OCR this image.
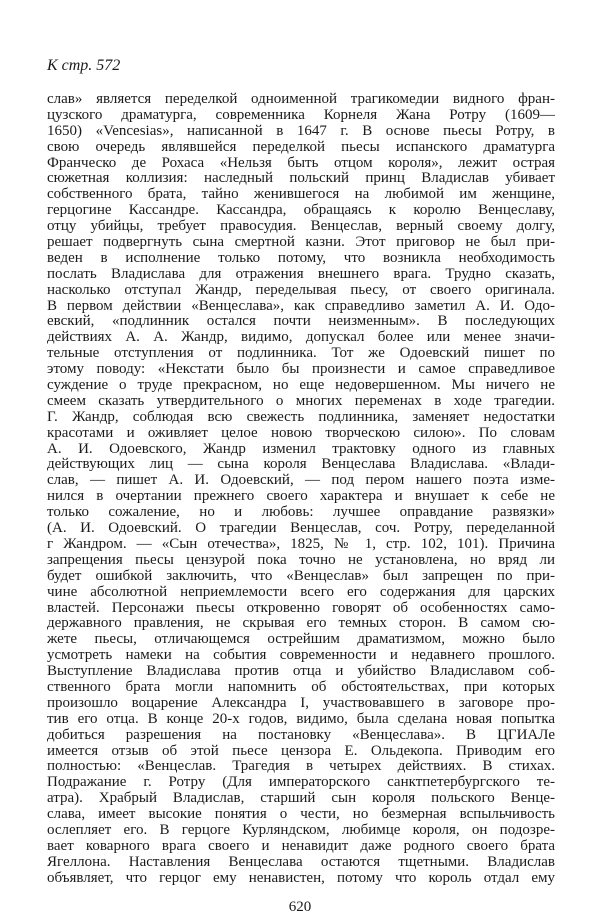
К стр. 572
слав» является переделкой одноименной трагикомедии видного фран-
цузского драматурга, современника Корнеля Жана Ротру (1609—
1650) «Vencesias», написанной в 1647 г. В основе пьесы Ротру, в
свою очередь являвшейся переделкой пьесы испанского драматурга
Франческо де Рохаса «Нельзя быть отцом короля», лежит острая
сюжетная коллизия: наследный польский принц Владислав убивает
собственного брата, тайно женившегося на любимой им женщине,
герцогине Кассандре. Кассандра, обращаясь к королю Венцеславу,
отцу убийцы, требует правосудия. Венцеслав, верный своему долгу,
решает подвергнуть сына смертной казни. Этот приговор не был при-
веден в исполнение только потому, что возникла необходимость
послать Владислава для отражения внешнего врага. Трудно сказать,
насколько отступал Жандр, переделывая пьесу, от своего оригинала.
В первом действии «Венцеслава», как справедливо заметил А. И. Одо-
евский, «подлинник остался почти неизменным». В последующих
действиях А. А. Жандр, видимо, допускал более или менее значи-
тельные отступления от подлинника. Тот же Одоевский пишет по
этому поводу: «Некстати было бы произнести и самое справедливое
суждение о труде прекрасном, но еще недовершенном. Мы ничего не
смеем сказать утвердительного о многих переменах в ходе трагедии.
Г. Жандр, соблюдая всю свежесть подлинника, заменяет недостатки
красотами и оживляет целое новою творческою силою». По словам
А. И. Одоевского, Жандр изменил трактовку одного из главных
действующих лиц — сына короля Венцеслава Владислава. «Влади-
слав, — пишет А. И. Одоевский, — под пером нашего поэта изме-
нился в очертании прежнего своего характера и внушает к себе не
только сожаление, но и любовь: лучшее оправдание развязки»
(А. И. Одоевский. О трагедии Венцеслав, соч. Ротру, переделанной
г Жандром. — «Сын отечества», 1825, № 1, стр. 102, 101). Причина
запрещения пьесы цензурой пока точно не установлена, но вряд ли
будет ошибкой заключить, что «Венцеслав» был запрещен по при-
чине абсолютной неприемлемости всего его содержания для царских
властей. Персонажи пьесы откровенно говорят об особенностях само-
державного правления, не скрывая его темных сторон. В самом сю-
жете пьесы, отличающемся острейшим драматизмом, можно было
усмотреть намеки на события современности и недавнего прошлого.
Выступление Владислава против отца и убийство Владиславом соб-
ственного брата могли напомнить об обстоятельствах, при которых
произошло воцарение Александра I, участвовавшего в заговоре про-
тив его отца. В конце 20-х годов, видимо, была сделана новая попытка
добиться разрешения на постановку «Венцеслава». В ЦГИАЛе
имеется отзыв об этой пьесе цензора Е. Ольдекопа. Приводим его
полностью: «Венцеслав. Трагедия в четырех действиях. В стихах.
Подражание г. Ротру (Для императорского санктпетербургского те-
атра). Храбрый Владислав, старший сын короля польского Венце-
слава, имеет высокие понятия о чести, но безмерная вспыльчивость
ослепляет его. В герцоге Курляндском, любимце короля, он подозре-
вает коварного врага своего и ненавидит даже родного своего брата
Ягеллона. Наставления Венцеслава остаются тщетными. Владислав
объявляет, что герцог ему ненавистен, потому что король отдал ему
620
